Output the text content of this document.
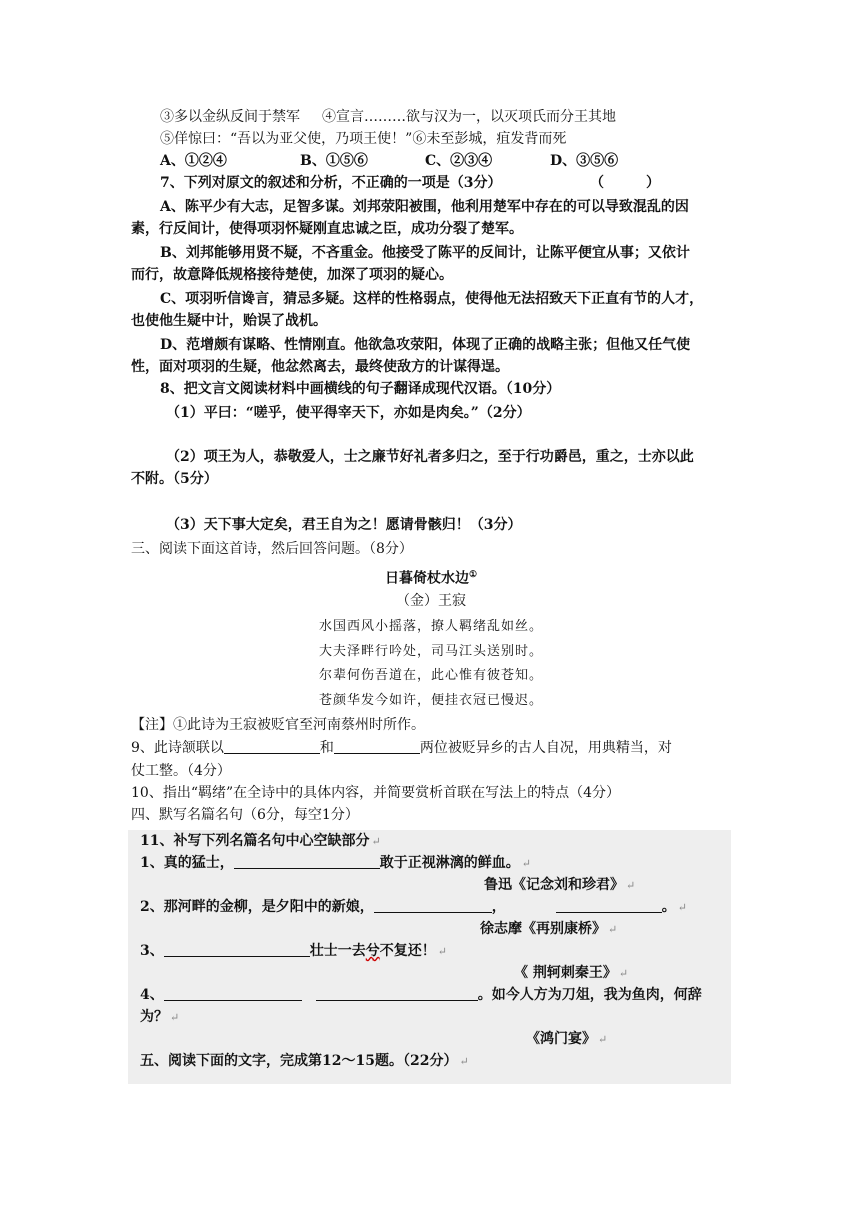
③多以金纵反间于禁军 ④宣言………欲与汉为一，以灭项氏而分王其地
⑤佯惊曰：“吾以为亚父使，乃项王使！”⑥未至彭城，疽发背而死
A、①②④	B、①⑤⑥	C、②③④	D、③⑤⑥
7、下列对原文的叙述和分析，不正确的一项是（3分）	（　　　）
A、陈平少有大志，足智多谋。刘邦荥阳被围，他利用楚军中存在的可以导致混乱的因
素，行反间计，使得项羽怀疑刚直忠诚之臣，成功分裂了楚军。
B、刘邦能够用贤不疑，不吝重金。他接受了陈平的反间计，让陈平便宜从事；又依计
而行，故意降低规格接待楚使，加深了项羽的疑心。
C、项羽听信谗言，猜忌多疑。这样的性格弱点，使得他无法招致天下正直有节的人才，
也使他生疑中计，贻误了战机。
D、范增颇有谋略、性情刚直。他欲急攻荥阳，体现了正确的战略主张；但他又任气使
性，面对项羽的生疑，他忿然离去，最终使敌方的计谋得逞。
8、把文言文阅读材料中画横线的句子翻译成现代汉语。（10分）
（1）平曰：“嗟乎，使平得宰天下，亦如是肉矣。”（2分）
（2）项王为人，恭敬爱人，士之廉节好礼者多归之，至于行功爵邑，重之，士亦以此
不附。（5分）
（3）天下事大定矣，君王自为之！愿请骨骸归！（3分）
三、阅读下面这首诗，然后回答问题。（8分）
日暮倚杖水边①
（金）王寂
水国西风小摇落，撩人羁绪乱如丝。
大夫泽畔行吟处，司马江头送别时。
尔辈何伤吾道在，此心惟有彼苍知。
苍颜华发今如许，便挂衣冠已慢迟。
【注】①此诗为王寂被贬官至河南蔡州时所作。
9、此诗颔联以	和	两位被贬异乡的古人自况，用典精当，对
仗工整。（4分）
10、指出“羁绪”在全诗中的具体内容，并简要赏析首联在写法上的特点（4分）
四、默写名篇名句（6分，每空1分）
11、补写下列名篇名句中心空缺部分 ↵
1、真的猛士，	敢于正视淋漓的鲜血。 ↵
鲁迅《记念刘和珍君》 ↵
2、那河畔的金柳，是夕阳中的新娘，	，	。 ↵
徐志摩《再别康桥》 ↵
3、	壮士一去兮不复还！ ↵
《 荆轲刺秦王》 ↵
4、	。如今人方为刀俎，我为鱼肉，何辞
为？ ↵
《鸿门宴》 ↵
五、阅读下面的文字，完成第12～15题。（22分） ↵
